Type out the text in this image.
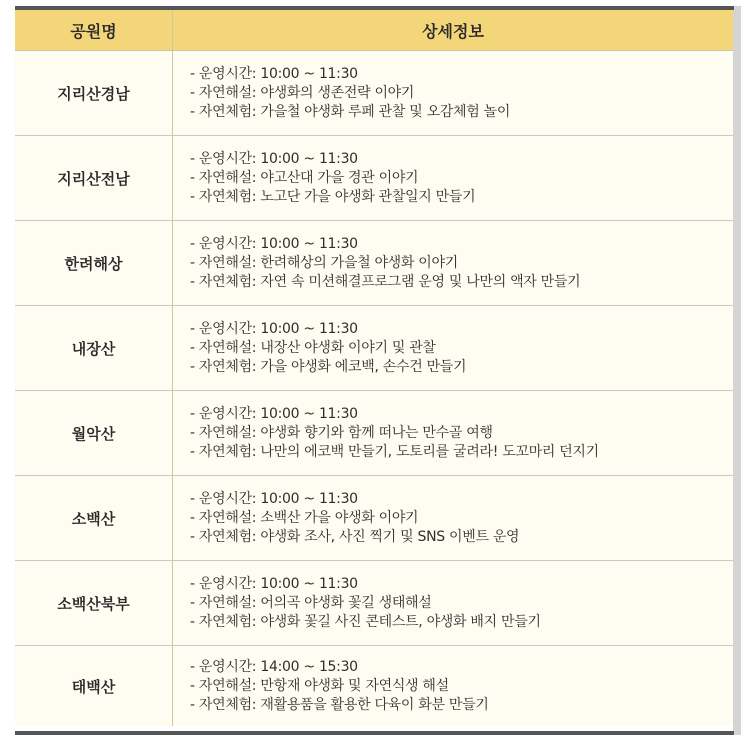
공원명	상세정보
지리산경남	- 운영시간: 10:00 ~ 11:30
- 자연해설: 야생화의 생존전략 이야기
- 자연체험: 가을철 야생화 루페 관찰 및 오감체험 놀이

지리산전남	- 운영시간: 10:00 ~ 11:30
- 자연해설: 야고산대 가을 경관 이야기
- 자연체험: 노고단 가을 야생화 관찰일지 만들기

한려해상	- 운영시간: 10:00 ~ 11:30
- 자연해설: 한려해상의 가을철 야생화 이야기
- 자연체험: 자연 속 미션해결프로그램 운영 및 나만의 액자 만들기

내장산	- 운영시간: 10:00 ~ 11:30
- 자연해설: 내장산 야생화 이야기 및 관찰
- 자연체험: 가을 야생화 에코백, 손수건 만들기

월악산	- 운영시간: 10:00 ~ 11:30
- 자연해설: 야생화 향기와 함께 떠나는 만수골 여행
- 자연체험: 나만의 에코백 만들기, 도토리를 굴려라! 도꼬마리 던지기

소백산	- 운영시간: 10:00 ~ 11:30
- 자연해설: 소백산 가을 야생화 이야기
- 자연체험: 야생화 조사, 사진 찍기 및 SNS 이벤트 운영

소백산북부	- 운영시간: 10:00 ~ 11:30
- 자연해설: 어의곡 야생화 꽃길 생태해설
- 자연체험: 야생화 꽃길 사진 콘테스트, 야생화 배지 만들기

태백산	- 운영시간: 14:00 ~ 15:30
- 자연해설: 만항재 야생화 및 자연식생 해설
- 자연체험: 재활용품을 활용한 다육이 화분 만들기
